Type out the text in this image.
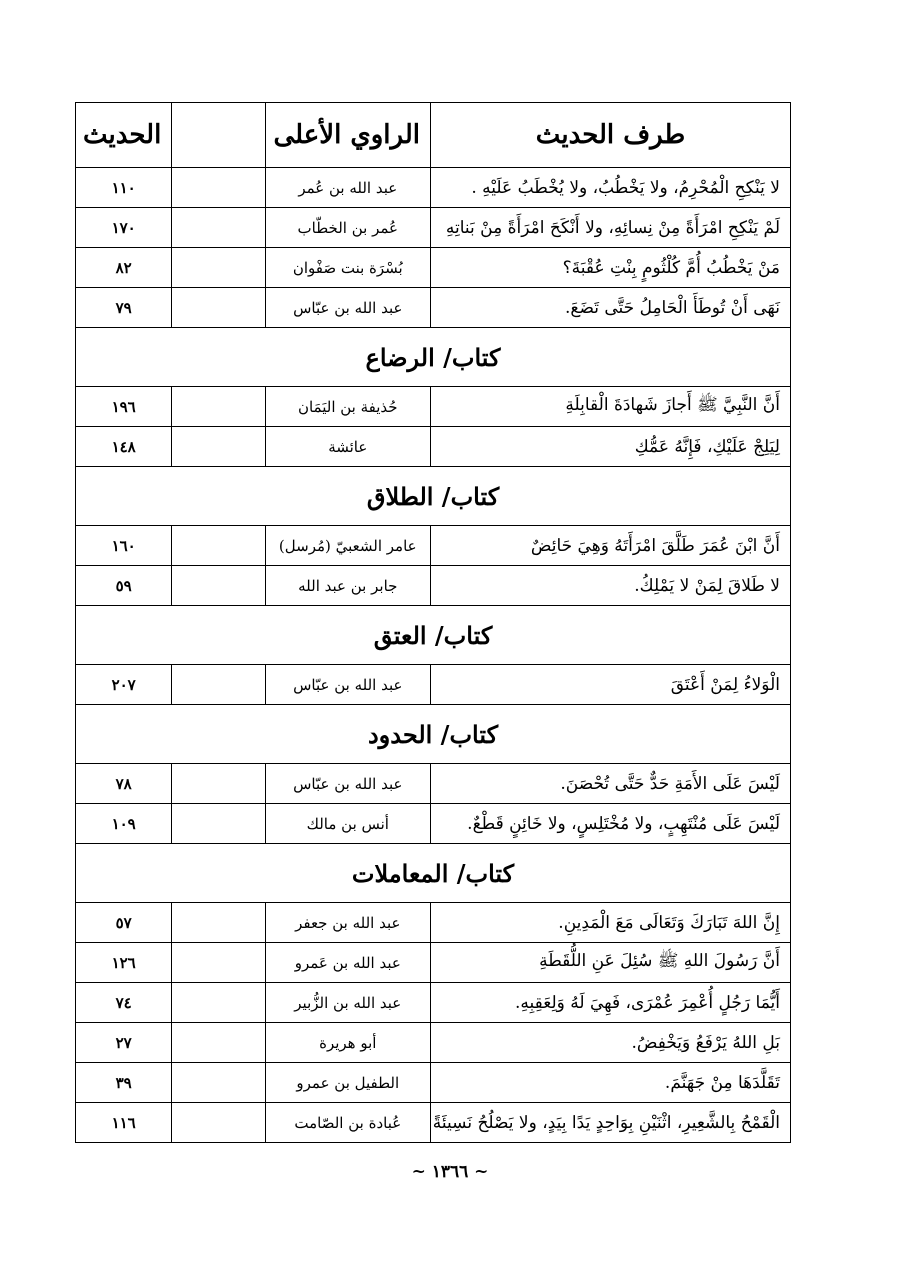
طرف الحديث	الراوي الأعلى		الحديث
لا يَنْكِحِ الْمُحْرِمُ، ولا يَخْطُبُ، ولا يُخْطَبُ عَلَيْهِ .	عبد الله بن عُمر		١١٠
لَمْ يَنْكِحِ امْرَأَةً مِنْ نِسائِهِ، ولا أَنْكَحَ امْرَأَةً مِنْ بَناتِهِ	عُمر بن الخطّاب		١٧٠
مَنْ يَخْطُبُ أُمَّ كُلْثُومٍ بِنْتِ عُقْبَةَ؟	بُسْرَة بنت صَفْوان		٨٢
نَهَى أَنْ تُوطَأَ الْحَامِلُ حَتَّى تَضَعَ.	عبد الله بن عبّاس		٧٩
كتاب/ الرضاع			
أَنَّ النَّبِيَّ ﷺ أَجازَ شَهادَةَ الْقابِلَةِ	حُذيفة بن اليَمَان		١٩٦
لِيَلِجْ عَلَيْكِ، فَإِنَّهُ عَمُّكِ	عائشة		١٤٨
كتاب/ الطلاق			
أَنَّ ابْنَ عُمَرَ طَلَّقَ امْرَأَتَهُ وَهِيَ حَائِضٌ	عامر الشعبيّ (مُرسل)		١٦٠
لا طَلاقَ لِمَنْ لا يَمْلِكُ.	جابر بن عبد الله		٥٩
كتاب/ العتق			
الْوَلاءُ لِمَنْ أَعْتَقَ	عبد الله بن عبّاس		٢٠٧
كتاب/ الحدود			
لَيْسَ عَلَى الأَمَةِ حَدٌّ حَتَّى تُحْصَنَ.	عبد الله بن عبّاس		٧٨
لَيْسَ عَلَى مُنْتَهِبٍ، ولا مُخْتَلِسٍ، ولا خَائِنٍ قَطْعٌ.	أنس بن مالك		١٠٩
كتاب/ المعاملات			
إِنَّ اللهَ تَبَارَكَ وَتَعَالَى مَعَ الْمَدِينِ.	عبد الله بن جعفر		٥٧
أَنَّ رَسُولَ اللهِ ﷺ سُئِلَ عَنِ اللُّقَطَةِ	عبد الله بن عَمرو		١٢٦
أَيُّمَا رَجُلٍ أُعْمِرَ عُمْرَى، فَهِيَ لَهُ وَلِعَقِبِهِ.	عبد الله بن الزُّبير		٧٤
بَلِ اللهُ يَرْفَعُ وَيَخْفِضُ.	أبو هريرة		٢٧
تَقَلَّدَهَا مِنْ جَهَنَّمَ.	الطفيل بن عمرو		٣٩
الْقَمْحُ بِالشَّعِيرِ، اثْنَيْنِ بِوَاحِدٍ يَدًا بِيَدٍ، ولا يَصْلُحُ نَسِيئَةً	عُبادة بن الصّامت		١١٦
~ ١٣٦٦ ~
